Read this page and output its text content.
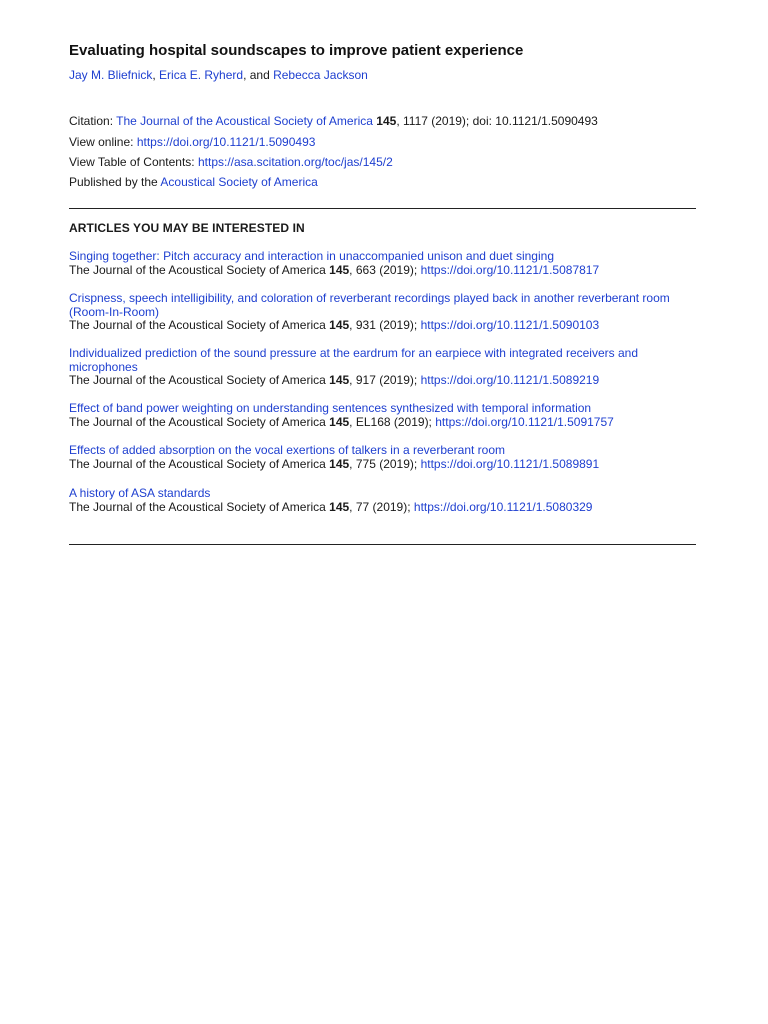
Evaluating hospital soundscapes to improve patient experience
Jay M. Bliefnick, Erica E. Ryherd, and Rebecca Jackson
Citation: The Journal of the Acoustical Society of America 145, 1117 (2019); doi: 10.1121/1.5090493
View online: https://doi.org/10.1121/1.5090493
View Table of Contents: https://asa.scitation.org/toc/jas/145/2
Published by the Acoustical Society of America
ARTICLES YOU MAY BE INTERESTED IN
Singing together: Pitch accuracy and interaction in unaccompanied unison and duet singing
The Journal of the Acoustical Society of America 145, 663 (2019); https://doi.org/10.1121/1.5087817
Crispness, speech intelligibility, and coloration of reverberant recordings played back in another reverberant room (Room-In-Room)
The Journal of the Acoustical Society of America 145, 931 (2019); https://doi.org/10.1121/1.5090103
Individualized prediction of the sound pressure at the eardrum for an earpiece with integrated receivers and microphones
The Journal of the Acoustical Society of America 145, 917 (2019); https://doi.org/10.1121/1.5089219
Effect of band power weighting on understanding sentences synthesized with temporal information
The Journal of the Acoustical Society of America 145, EL168 (2019); https://doi.org/10.1121/1.5091757
Effects of added absorption on the vocal exertions of talkers in a reverberant room
The Journal of the Acoustical Society of America 145, 775 (2019); https://doi.org/10.1121/1.5089891
A history of ASA standards
The Journal of the Acoustical Society of America 145, 77 (2019); https://doi.org/10.1121/1.5080329
